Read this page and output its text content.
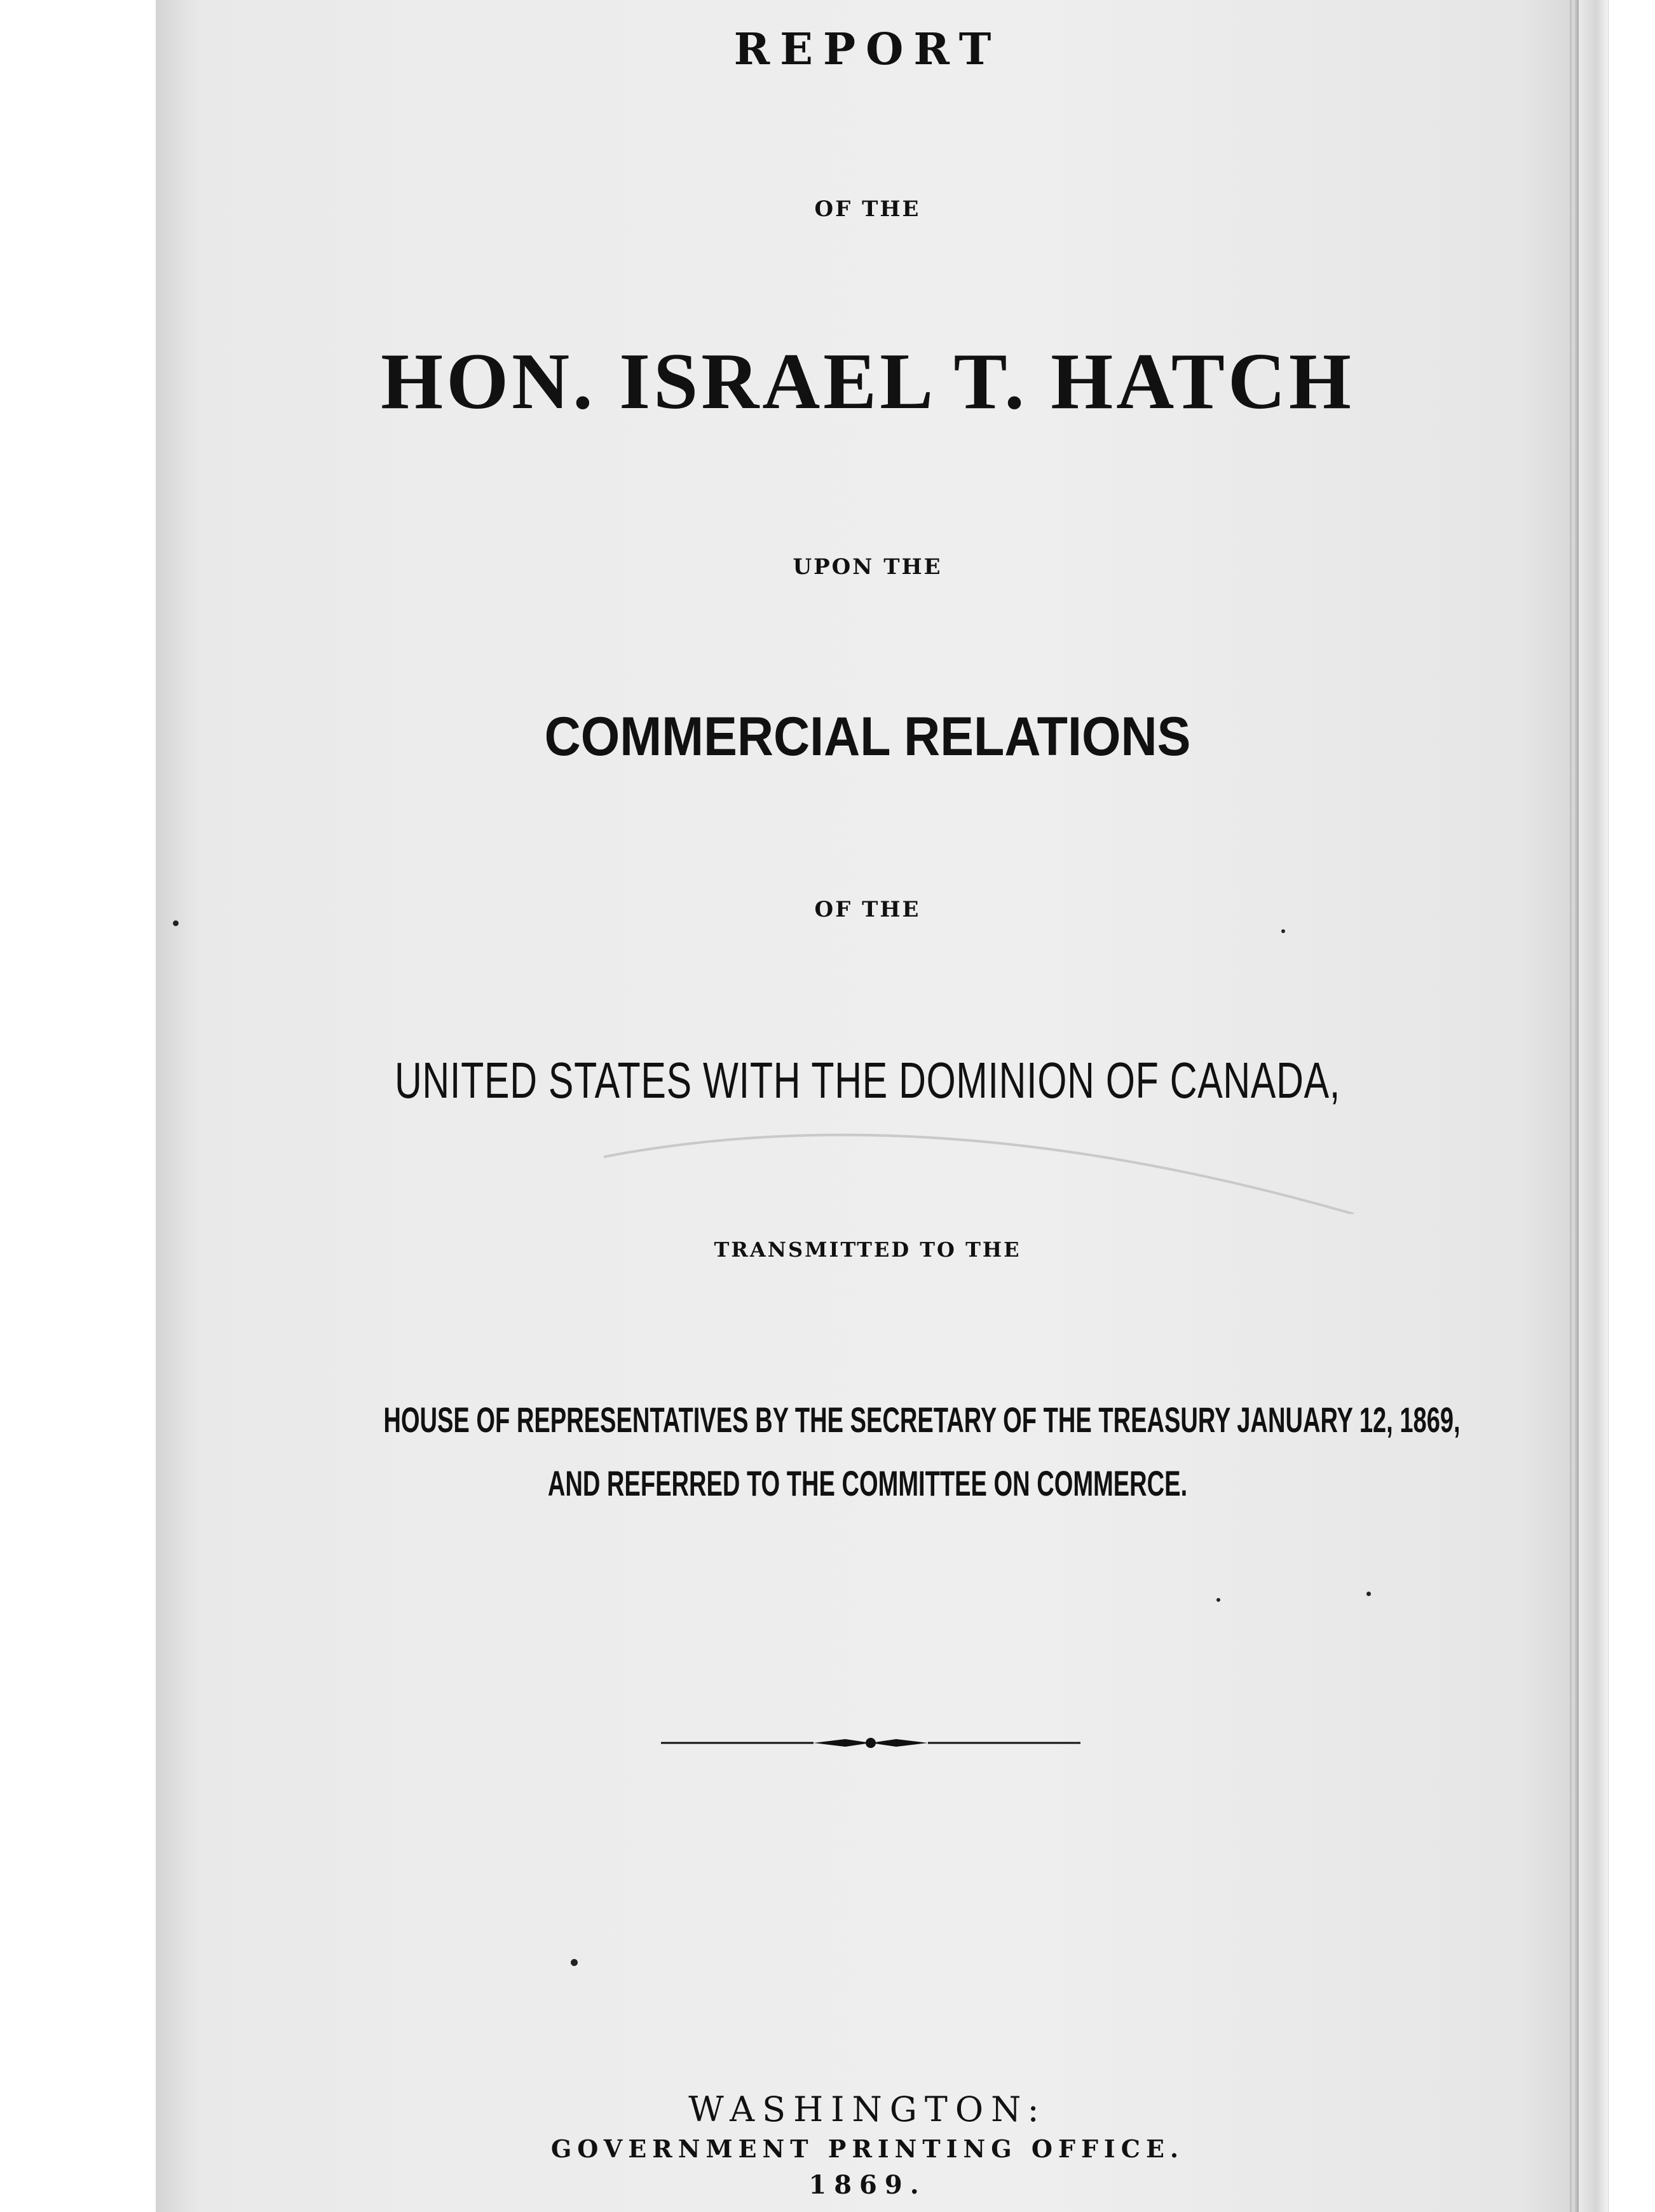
REPORT
OF THE
HON. ISRAEL T. HATCH
UPON THE
COMMERCIAL RELATIONS
OF THE
UNITED STATES WITH THE DOMINION OF CANADA,
TRANSMITTED TO THE
HOUSE OF REPRESENTATIVES BY THE SECRETARY OF THE TREASURY JANUARY 12, 1869,
AND REFERRED TO THE COMMITTEE ON COMMERCE.
WASHINGTON:
GOVERNMENT PRINTING OFFICE.
1869.
